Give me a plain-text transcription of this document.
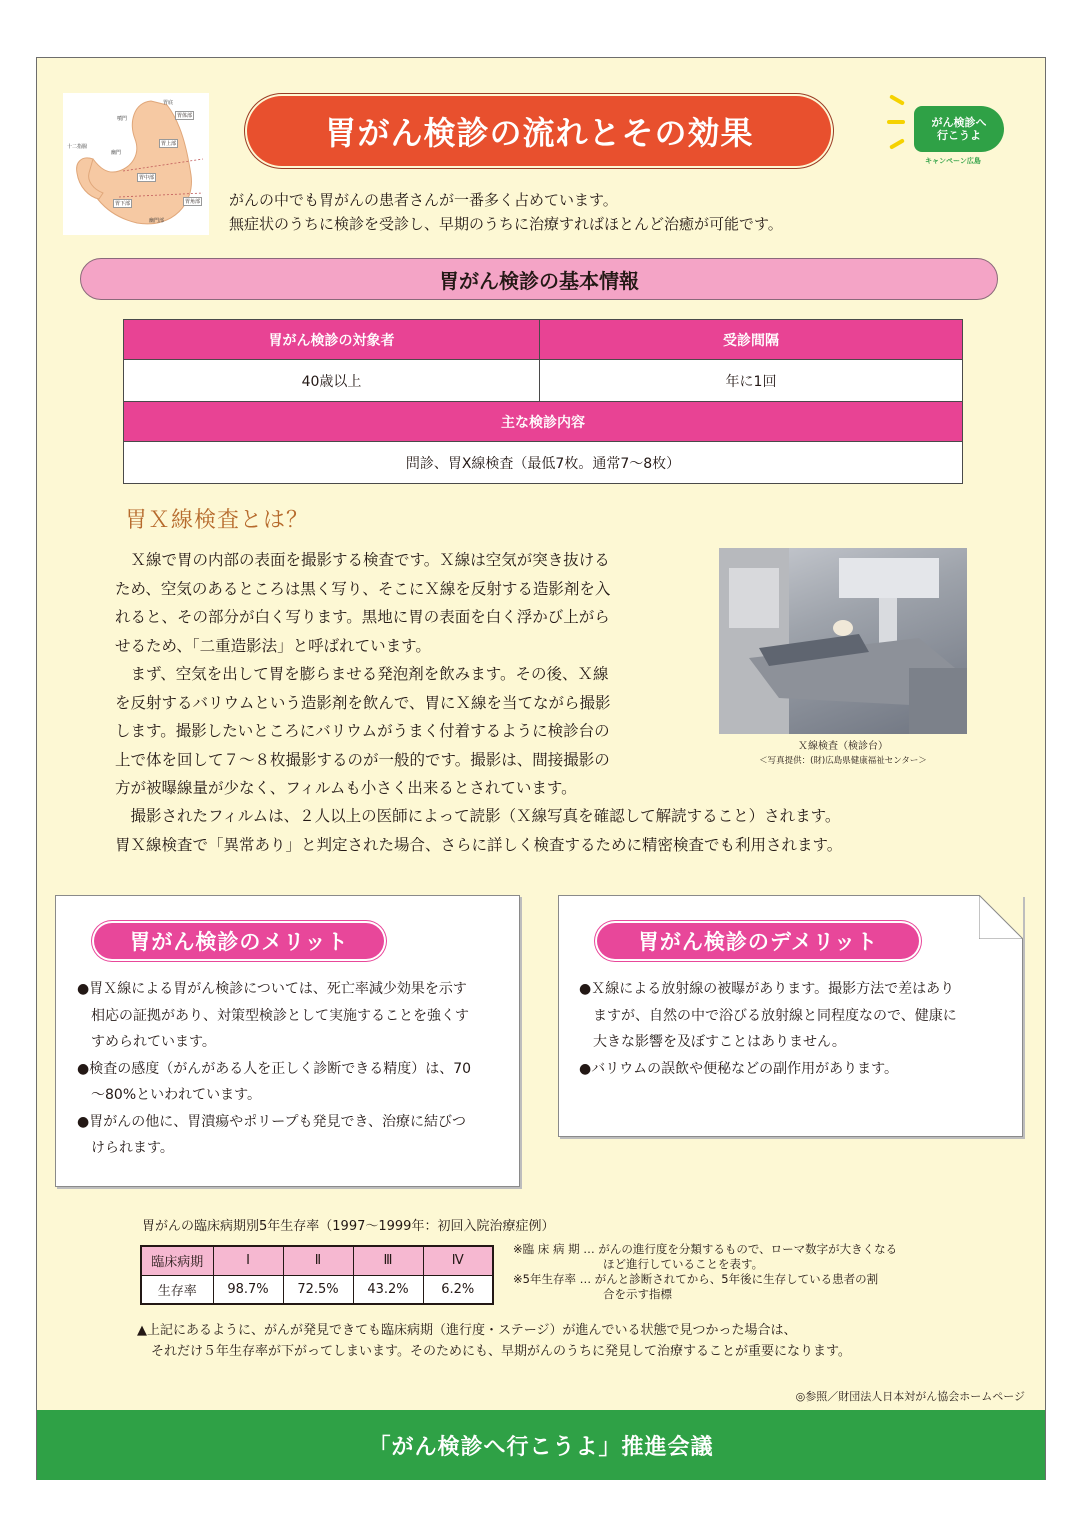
胃底
胃体部
噴門
胃上部
十二指腸
幽門
胃中部
胃下部	胃角部
幽門部
胃がん検診の流れとその効果	がん検診へ
行こうよ
キャンペーン広島
がんの中でも胃がんの患者さんが一番多く占めています。
無症状のうちに検診を受診し、早期のうちに治療すればほとんど治癒が可能です。
胃がん検診の基本情報
胃がん検診の対象者	受診間隔
40歳以上	年に1回
主な検診内容	
問診、胃X線検査（最低7枚。通常7〜8枚）	
胃Ｘ線検査とは？

Ｘ線で胃の内部の表面を撮影する検査です。Ｘ線は空気が突き抜ける

ため、空気のあるところは黒く写り、そこにＸ線を反射する造影剤を入

れると、その部分が白く写ります。黒地に胃の表面を白く浮かび上がら

せるため、「二重造影法」と呼ばれています。

まず、空気を出して胃を膨らませる発泡剤を飲みます。その後、Ｘ線

を反射するバリウムという造影剤を飲んで、胃にＸ線を当てながら撮影

します。撮影したいところにバリウムがうまく付着するように検診台の

上で体を回して７〜８枚撮影するのが一般的です。撮影は、間接撮影の

方が被曝線量が少なく、フィルムも小さく出来るとされています。

撮影されたフィルムは、２人以上の医師によって読影（Ｘ線写真を確認して解読すること）されます。

胃Ｘ線検査で「異常あり」と判定された場合、さらに詳しく検査するために精密検査でも利用されます。

Ｘ線検査（検診台）
＜写真提供：(財)広島県健康福祉センター＞
胃がん検診のメリット
●胃Ｘ線による胃がん検診については、死亡率減少効果を示す
相応の証拠があり、対策型検診として実施することを強くす
すめられています。
●検査の感度（がんがある人を正しく診断できる精度）は、70
〜80%といわれています。
●胃がんの他に、胃潰瘍やポリープも発見でき、治療に結びつ
けられます。
胃がん検診のデメリット
●Ｘ線による放射線の被曝があります。撮影方法で差はあり
ますが、自然の中で浴びる放射線と同程度なので、健康に
大きな影響を及ぼすことはありません。
●バリウムの誤飲や便秘などの副作用があります。
胃がんの臨床病期別5年生存率（1997〜1999年：初回入院治療症例）
臨床病期	Ⅰ	Ⅱ	Ⅲ	Ⅳ
生存率	98.7%	72.5%	43.2%	6.2%
※臨 床 病 期 … がんの進行度を分類するもので、ローマ数字が大きくなる
ほど進行していることを表す。
※5年生存率 … がんと診断されてから、5年後に生存している患者の割
合を示す指標
▲上記にあるように、がんが発見できても臨床病期（進行度・ステージ）が進んでいる状態で見つかった場合は、
それだけ５年生存率が下がってしまいます。そのためにも、早期がんのうちに発見して治療することが重要になります。
◎参照／財団法人日本対がん協会ホームページ
「がん検診へ行こうよ」推進会議
